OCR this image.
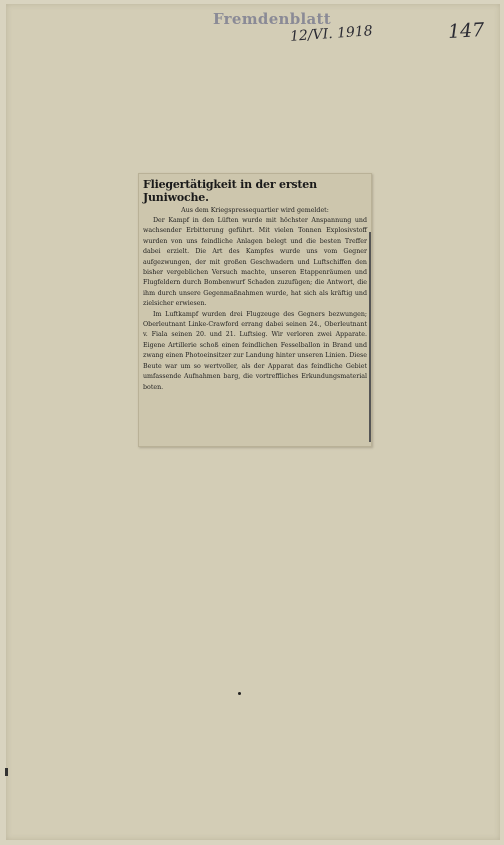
Fremdenblatt
12/VI. 1918	147
Fliegertätigkeit in der ersten Juniwoche.
Aus dem Kriegspressequartier wird gemeldet:

Der Kampf in den Lüften wurde mit höchster Anspannung und wachsender Erbitterung geführt. Mit vielen Tonnen Explosivstoff wurden von uns feindliche Anlagen belegt und die besten Treffer dabei erzielt. Die Art des Kampfes wurde uns vom Gegner aufgezwungen, der mit großen Geschwadern und Luftschiffen den bisher vergeblichen Versuch machte, unseren Etappenräumen und Flugfeldern durch Bombenwurf Schaden zuzufügen; die Antwort, die ihm durch unsere Gegenmaßnahmen wurde, hat sich als kräftig und zielsicher erwiesen.

Im Luftkampf wurden drei Flugzeuge des Gegners bezwungen; Oberleutnant Linke-Crawford errang dabei seinen 24., Oberleutnant v. Fiala seinen 20. und 21. Luftsieg. Wir verloren zwei Apparate. Eigene Artillerie schoß einen feindlichen Fesselballon in Brand und zwang einen Photoeinsitzer zur Landung hinter unseren Linien. Diese Beute war um so wertvoller, als der Apparat das feindliche Gebiet umfassende Aufnahmen barg, die vortreffliches Erkundungsmaterial boten.
